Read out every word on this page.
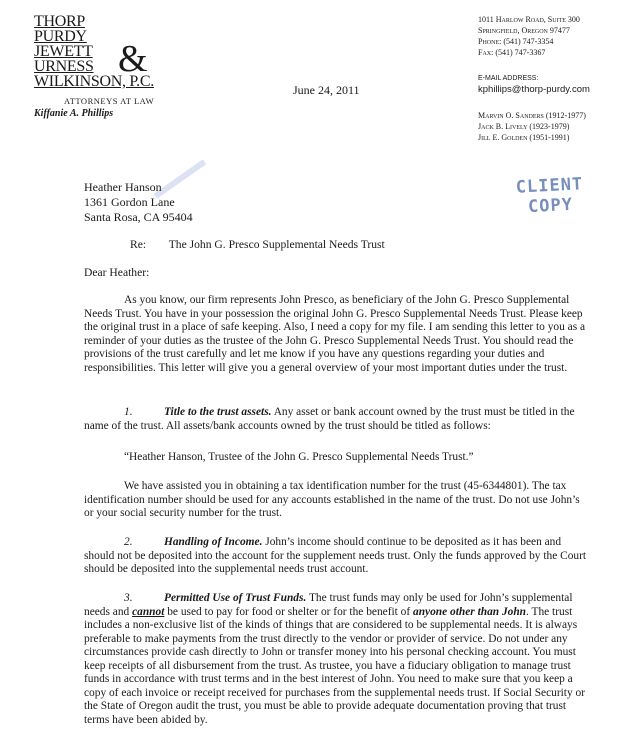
THORP
PURDY
JEWETT
URNESS
WILKINSON, P.C.
&
ATTORNEYS AT LAW
Kiffanie A. Phillips
June 24, 2011
1011 Harlow Road, Suite 300
Springfield, Oregon 97477
Phone: (541) 747-3354
Fax: (541) 747-3367
E-MAIL ADDRESS:
kphillips@thorp-purdy.com
Marvin O. Sanders (1912-1977)
Jack B. Lively (1923-1979)
Jill E. Golden (1951-1991)
CLIENT
COPY
Heather Hanson
1361 Gordon Lane
Santa Rosa, CA 95404
Re: The John G. Presco Supplemental Needs Trust
Dear Heather:
As you know, our firm represents John Presco, as beneficiary of the John G. Presco Supplemental Needs Trust. You have in your possession the original John G. Presco Supplemental Needs Trust. Please keep the original trust in a place of safe keeping. Also, I need a copy for my file. I am sending this letter to you as a reminder of your duties as the trustee of the John G. Presco Supplemental Needs Trust. You should read the provisions of the trust carefully and let me know if you have any questions regarding your duties and responsibilities. This letter will give you a general overview of your most important duties under the trust.
1.	Title to the trust assets. Any asset or bank account owned by the trust must be titled in the name of the trust. All assets/bank accounts owned by the trust should be titled as follows:
“Heather Hanson, Trustee of the John G. Presco Supplemental Needs Trust.”
We have assisted you in obtaining a tax identification number for the trust (45-6344801). The tax identification number should be used for any accounts established in the name of the trust. Do not use John’s or your social security number for the trust.
2.	Handling of Income. John’s income should continue to be deposited as it has been and should not be deposited into the account for the supplement needs trust. Only the funds approved by the Court should be deposited into the supplemental needs trust account.
3.	Permitted Use of Trust Funds. The trust funds may only be used for John’s supplemental needs and cannot be used to pay for food or shelter or for the benefit of anyone other than John. The trust includes a non-exclusive list of the kinds of things that are considered to be supplemental needs. It is always preferable to make payments from the trust directly to the vendor or provider of service. Do not under any circumstances provide cash directly to John or transfer money into his personal checking account. You must keep receipts of all disbursement from the trust. As trustee, you have a fiduciary obligation to manage trust funds in accordance with trust terms and in the best interest of John. You need to make sure that you keep a copy of each invoice or receipt received for purchases from the supplemental needs trust. If Social Security or the State of Oregon audit the trust, you must be able to provide adequate documentation proving that trust terms have been abided by.
